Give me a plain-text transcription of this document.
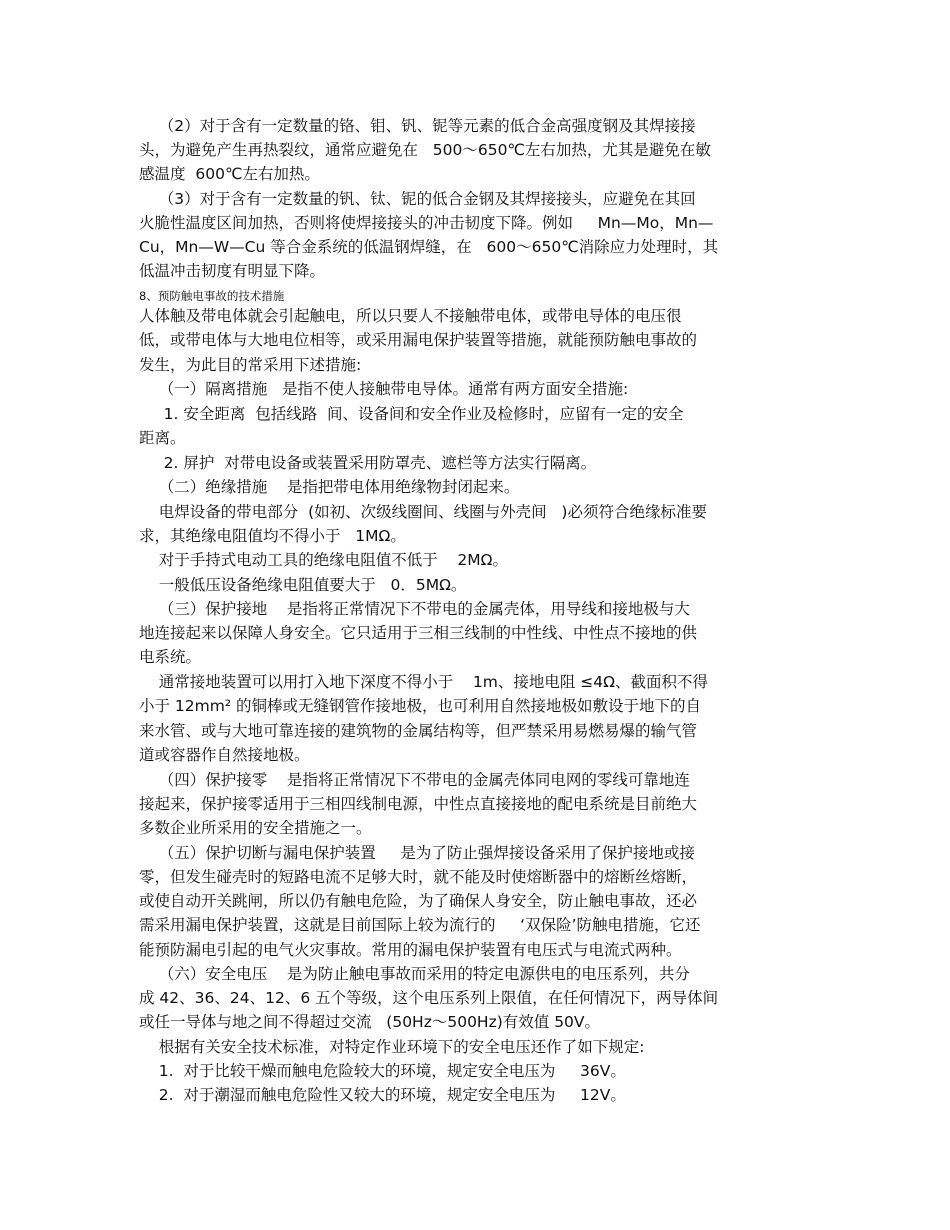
（2）对于含有一定数量的铬、钼、钒、铌等元素的低合金高强度钢及其焊接接

头，为避免产生再热裂纹，通常应避免在   500～650℃左右加热，尤其是避免在敏

感温度  600℃左右加热。

（3）对于含有一定数量的钒、钛、铌的低合金钢及其焊接接头，应避免在其回

火脆性温度区间加热，否则将使焊接接头的冲击韧度下降。例如     Mn—Mo，Mn—

Cu，Mn—W—Cu 等合金系统的低温钢焊缝，在   600～650℃消除应力处理时，其

低温冲击韧度有明显下降。

8、预防触电事故的技术措施

人体触及带电体就会引起触电，所以只要人不接触带电体，或带电导体的电压很

低，或带电体与大地电位相等，或采用漏电保护装置等措施，就能预防触电事故的

发生，为此目的常采用下述措施:

（一）隔离措施   是指不使人接触带电导体。通常有两方面安全措施:

1. 安全距离  包括线路  间、设备间和安全作业及检修时，应留有一定的安全

距离。

2. 屏护  对带电设备或装置采用防罩壳、遮栏等方法实行隔离。

（二）绝缘措施    是指把带电体用绝缘物封闭起来。

电焊设备的带电部分  (如初、次级线圈间、线圈与外壳间   )必须符合绝缘标准要

求，其绝缘电阻值均不得小于   1MΩ。

对于手持式电动工具的绝缘电阻值不低于    2MΩ。

一般低压设备绝缘电阻值要大于   0．5MΩ。

（三）保护接地    是指将正常情况下不带电的金属壳体，用导线和接地极与大

地连接起来以保障人身安全。它只适用于三相三线制的中性线、中性点不接地的供

电系统。

通常接地装置可以用打入地下深度不得小于    1m、接地电阻 ≤4Ω、截面积不得

小于 12mm² 的铜棒或无缝钢管作接地极，也可利用自然接地极如敷设于地下的自

来水管、或与大地可靠连接的建筑物的金属结构等，但严禁采用易燃易爆的输气管

道或容器作自然接地极。

（四）保护接零    是指将正常情况下不带电的金属壳体同电网的零线可靠地连

接起来，保护接零适用于三相四线制电源，中性点直接接地的配电系统是目前绝大

多数企业所采用的安全措施之一。

（五）保护切断与漏电保护装置     是为了防止强焊接设备采用了保护接地或接

零，但发生碰壳时的短路电流不足够大时，就不能及时使熔断器中的熔断丝熔断，

或使自动开关跳闸，所以仍有触电危险，为了确保人身安全，防止触电事故，还必

需采用漏电保护装置，这就是目前国际上较为流行的     ‘双保险’防触电措施，它还

能预防漏电引起的电气火灾事故。常用的漏电保护装置有电压式与电流式两种。

（六）安全电压    是为防止触电事故而采用的特定电源供电的电压系列，共分

成 42、36、24、12、6 五个等级，这个电压系列上限值，在任何情况下，两导体间

或任一导体与地之间不得超过交流   (50Hz～500Hz)有效值 50V。

根据有关安全技术标准，对特定作业环境下的安全电压还作了如下规定:

1.  对于比较干燥而触电危险较大的环境，规定安全电压为     36V。

2.  对于潮湿而触电危险性又较大的环境，规定安全电压为     12V。
